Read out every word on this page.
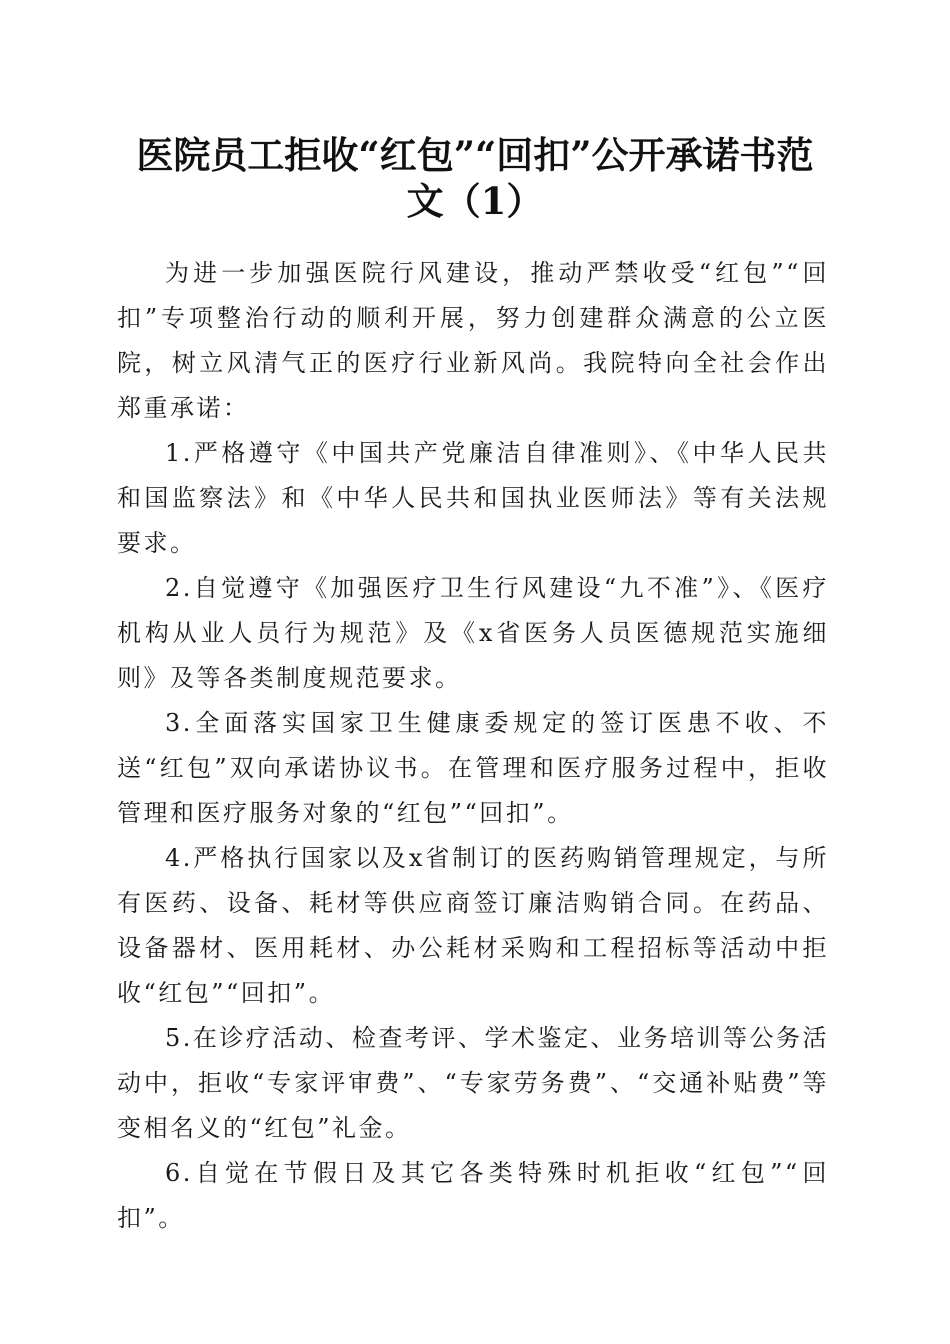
医院员工拒收“红包”“回扣”公开承诺书范
文（1）

为进一步加强医院行风建设，推动严禁收受“红包”“回扣”专项整治行动的顺利开展，努力创建群众满意的公立医院，树立风清气正的医疗行业新风尚。我院特向全社会作出郑重承诺：

1.严格遵守《中国共产党廉洁自律准则》、《中华人民共和国监察法》和《中华人民共和国执业医师法》等有关法规要求。

2.自觉遵守《加强医疗卫生行风建设“九不准”》、《医疗机构从业人员行为规范》及《x省医务人员医德规范实施细则》及等各类制度规范要求。

3.全面落实国家卫生健康委规定的签订医患不收、不送“红包”双向承诺协议书。在管理和医疗服务过程中，拒收管理和医疗服务对象的“红包”“回扣”。

4.严格执行国家以及x省制订的医药购销管理规定，与所有医药、设备、耗材等供应商签订廉洁购销合同。在药品、设备器材、医用耗材、办公耗材采购和工程招标等活动中拒收“红包”“回扣”。

5.在诊疗活动、检查考评、学术鉴定、业务培训等公务活动中，拒收“专家评审费”、“专家劳务费”、“交通补贴费”等变相名义的“红包”礼金。

6.自觉在节假日及其它各类特殊时机拒收“红包”“回扣”。
